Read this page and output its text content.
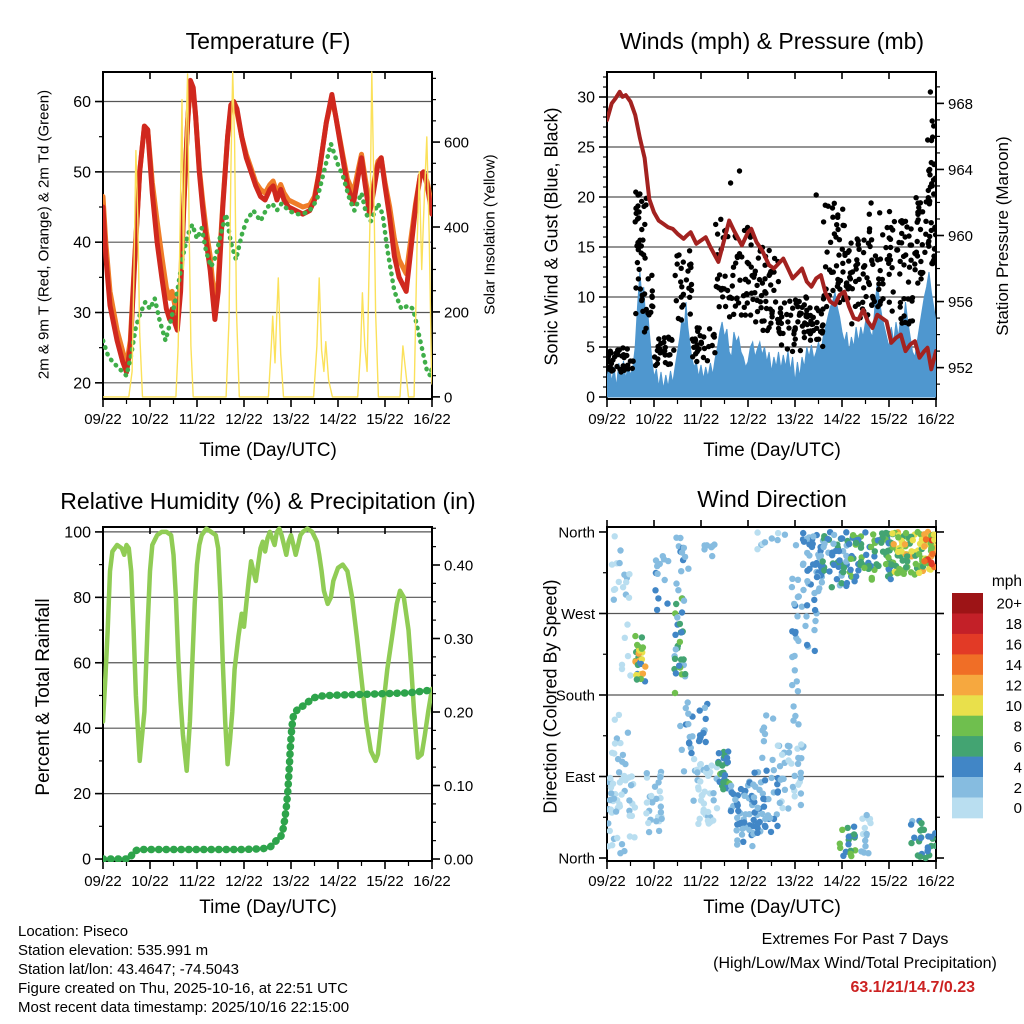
20
30
40
50
60
0
200
400
600
09/22 10/22 11/22 12/22 13/22 14/22 15/22 16/22
0
5
10
15
20
25
30
952
956
960
964
968
09/22 10/22 11/22 12/22 13/22 14/22 15/22 16/22
0
20
40
60
80
100
0.00
0.10
0.20
0.30
0.40
09/22 10/22 11/22 12/22 13/22 14/22 15/22 16/22
North
East
South
West
North
09/22 10/22 11/22 12/22 13/22 14/22 15/22 16/22
mph
20+
18
16
14
12
10
8
6
4
2
0
Temperature (F)	Winds (mph) & Pressure (mb)
Relative Humidity (%) & Precipitation (in)	Wind Direction
Time (Day/UTC)	Time (Day/UTC)
Time (Day/UTC)	Time (Day/UTC)
2m & 9m T (Red, Orange) & 2m Td (Green)	Solar Insolation (Yellow) Sonic Wind & Gust (Blue, Black)	Station Pressure (Maroon)
Percent & Total Rainfall	Direction (Colored By Speed)
Location: Piseco
Station elevation: 535.991 m
Station lat/lon: 43.4647; -74.5043
Figure created on Thu, 2025-10-16, at 22:51 UTC
Most recent data timestamp: 2025/10/16 22:15:00
Extremes For Past 7 Days
(High/Low/Max Wind/Total Precipitation)
63.1/21/14.7/0.23
